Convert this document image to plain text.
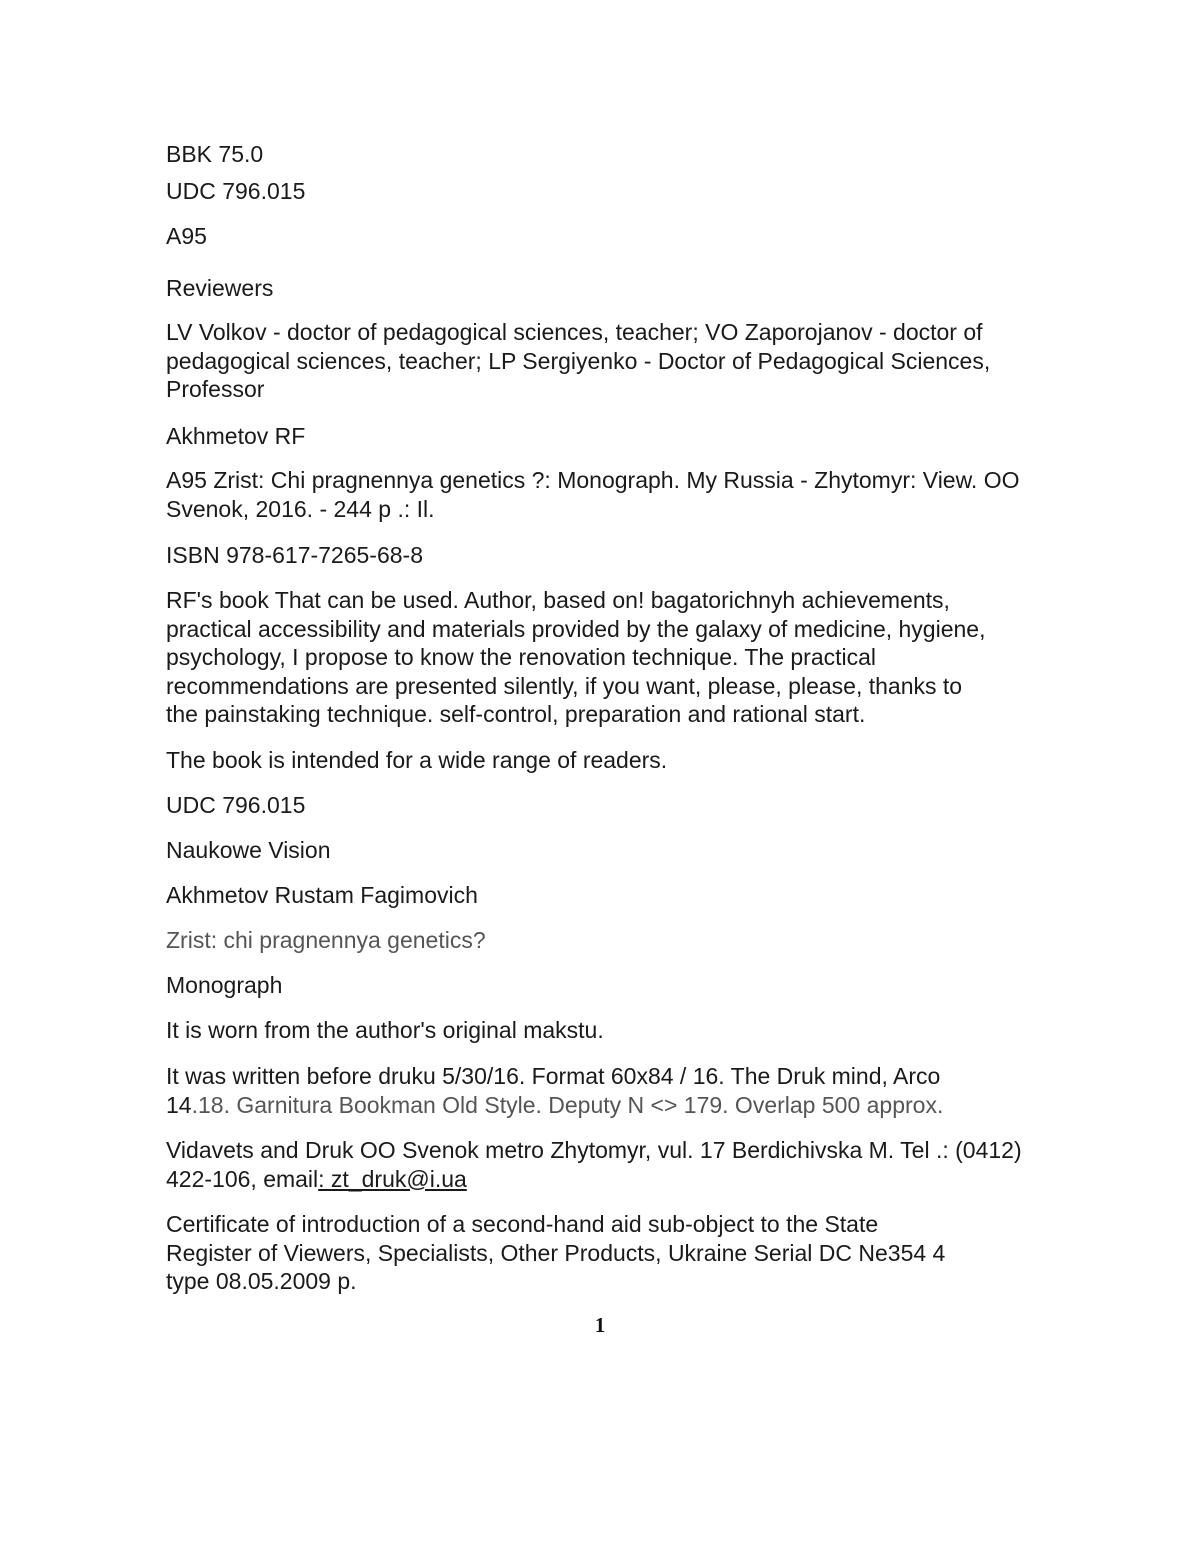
BBK 75.0

UDC 796.015

A95

Reviewers

LV Volkov - doctor of pedagogical sciences, teacher; VO Zaporojanov - doctor of
pedagogical sciences, teacher; LP Sergiyenko - Doctor of Pedagogical Sciences,
Professor

Akhmetov RF

A95 Zrist: Chi pragnennya genetics ?: Monograph. My Russia - Zhytomyr: View. OO
Svenok, 2016. - 244 p .: Il.

ISBN 978-617-7265-68-8

RF's book That can be used. Author, based on! bagatorichnyh achievements,
practical accessibility and materials provided by the galaxy of medicine, hygiene,
psychology, I propose to know the renovation technique. The practical
recommendations are presented silently, if you want, please, please, thanks to
the painstaking technique. self-control, preparation and rational start.

The book is intended for a wide range of readers.

UDC 796.015

Naukowe Vision

Akhmetov Rustam Fagimovich

Zrist: chi pragnennya genetics?

Monograph

It is worn from the author's original makstu.

It was written before druku 5/30/16. Format 60x84 / 16. The Druk mind, Arco
14.18. Garnitura Bookman Old Style. Deputy N <> 179. Overlap 500 approx.

Vidavets and Druk OO Svenok metro Zhytomyr, vul. 17 Berdichivska M. Tel .: (0412)
422-106, email: zt_druk@i.ua

Certificate of introduction of a second-hand aid sub-object to the State
Register of Viewers, Specialists, Other Products, Ukraine Serial DC Ne354 4
type 08.05.2009 p.

1
